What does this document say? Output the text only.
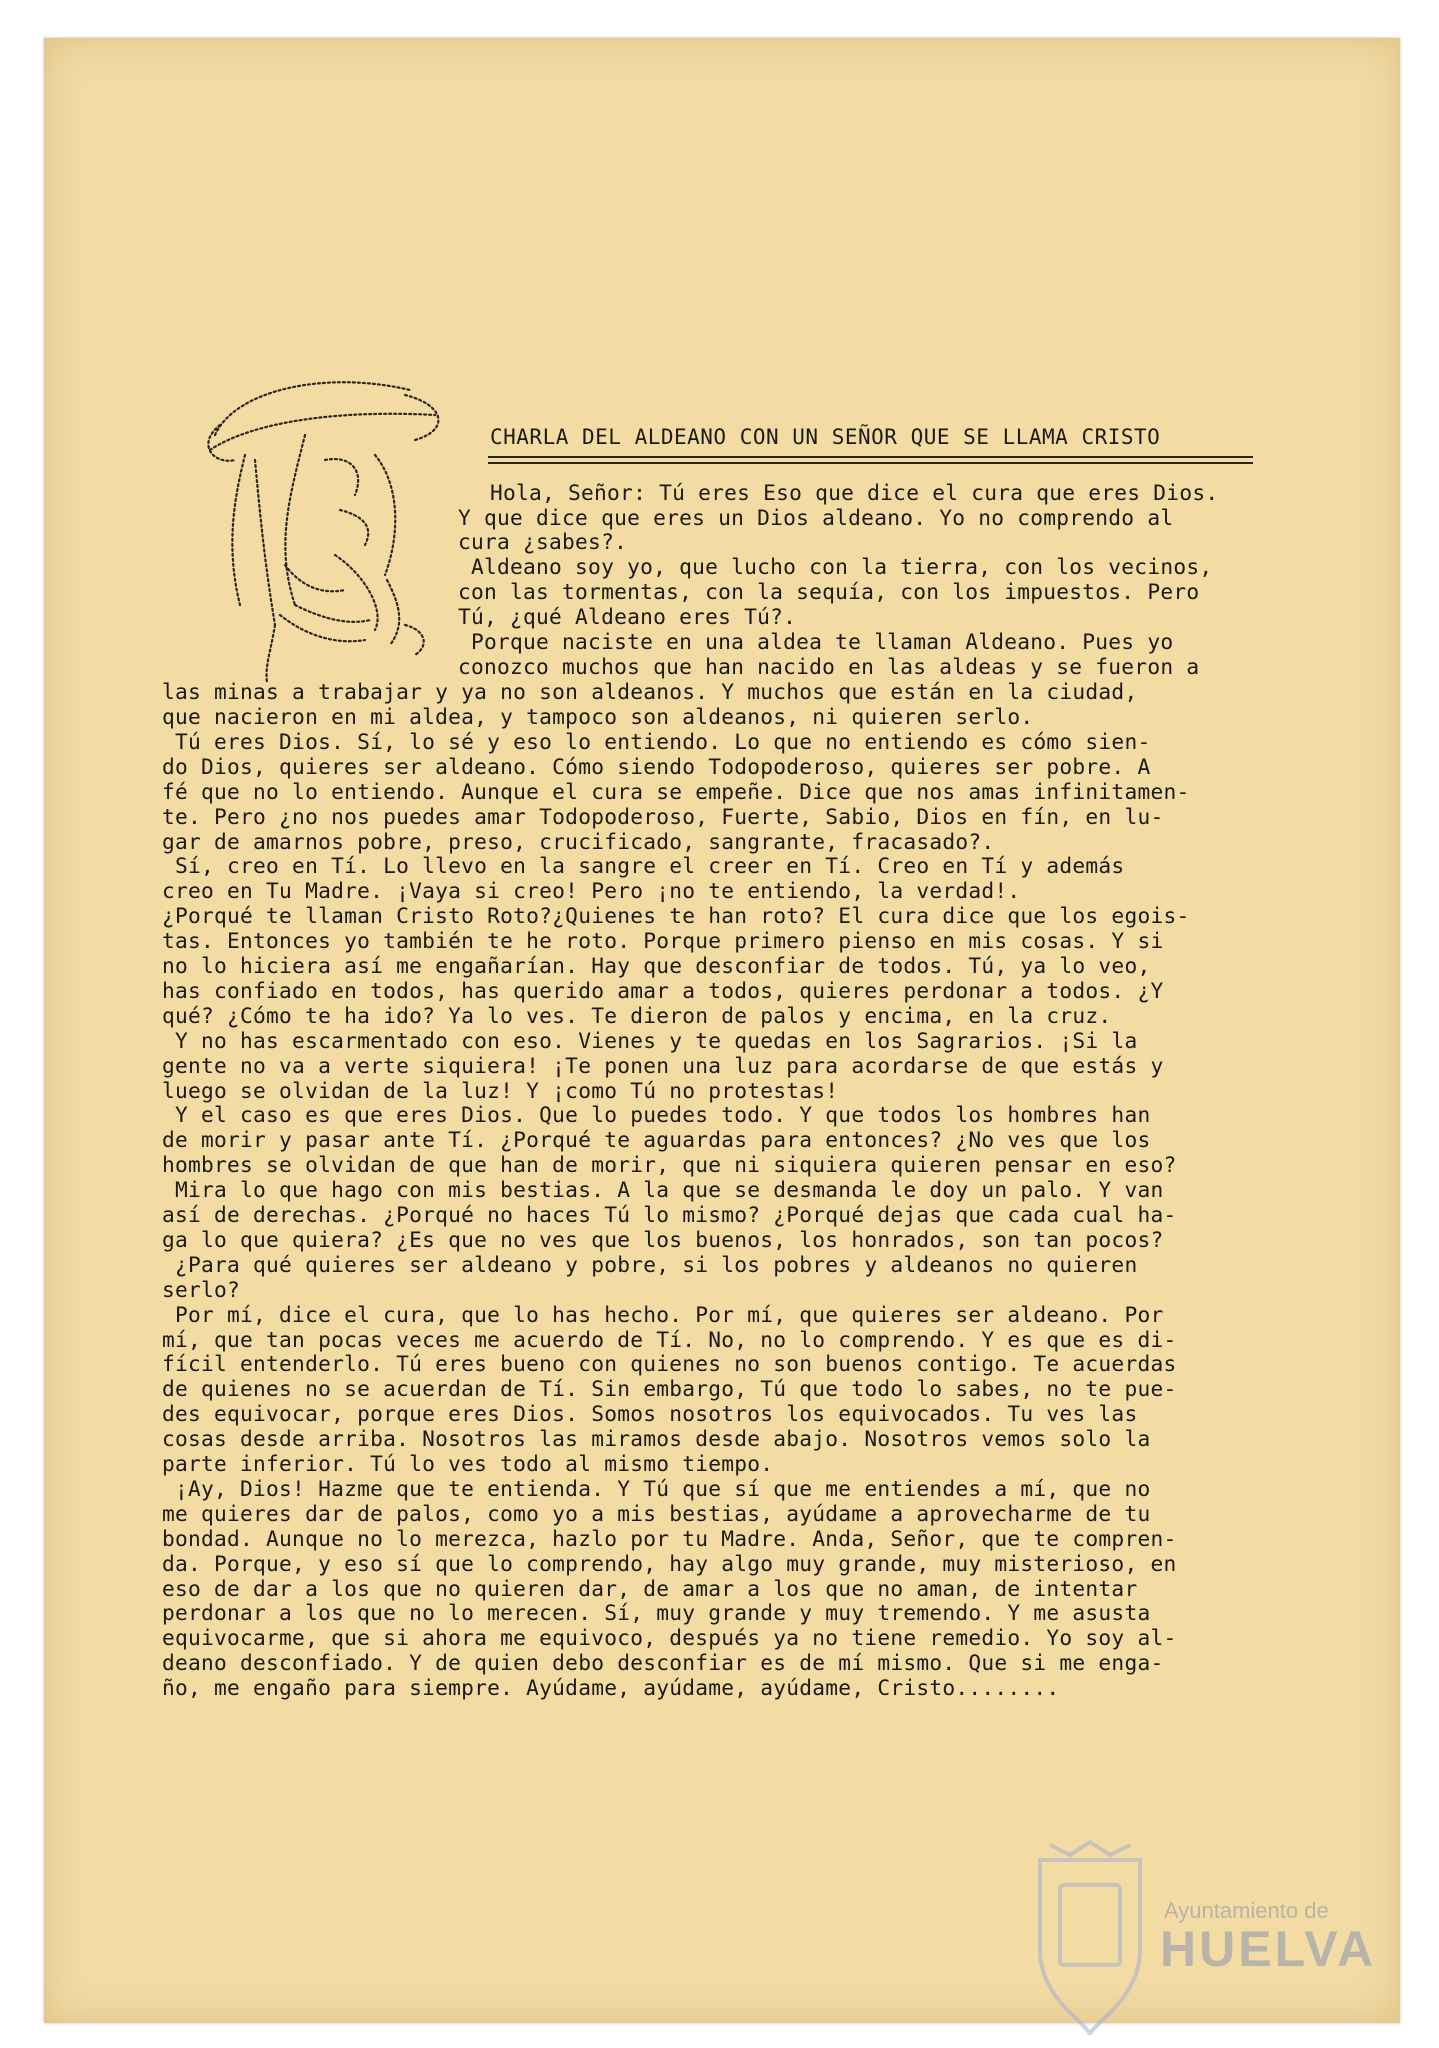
CHARLA DEL ALDEANO CON UN SEÑOR QUE SE LLAMA CRISTO
Hola, Señor: Tú eres Eso que dice el cura que eres Dios.
Y que dice que eres un Dios aldeano. Yo no comprendo al
cura ¿sabes?.
Aldeano soy yo, que lucho con la tierra, con los vecinos,
con las tormentas, con la sequía, con los impuestos. Pero
Tú, ¿qué Aldeano eres Tú?.
Porque naciste en una aldea te llaman Aldeano. Pues yo
conozco muchos que han nacido en las aldeas y se fueron a
las minas a trabajar y ya no son aldeanos. Y muchos que están en la ciudad,
que nacieron en mi aldea, y tampoco son aldeanos, ni quieren serlo.
Tú eres Dios. Sí, lo sé y eso lo entiendo. Lo que no entiendo es cómo sien-
do Dios, quieres ser aldeano. Cómo siendo Todopoderoso, quieres ser pobre. A
fé que no lo entiendo. Aunque el cura se empeñe. Dice que nos amas infinitamen-
te. Pero ¿no nos puedes amar Todopoderoso, Fuerte, Sabio, Dios en fín, en lu-
gar de amarnos pobre, preso, crucificado, sangrante, fracasado?.
Sí, creo en Tí. Lo llevo en la sangre el creer en Tí. Creo en Tí y además
creo en Tu Madre. ¡Vaya si creo! Pero ¡no te entiendo, la verdad!.
¿Porqué te llaman Cristo Roto?¿Quienes te han roto? El cura dice que los egois-
tas. Entonces yo también te he roto. Porque primero pienso en mis cosas. Y si
no lo hiciera así me engañarían. Hay que desconfiar de todos. Tú, ya lo veo,
has confiado en todos, has querido amar a todos, quieres perdonar a todos. ¿Y
qué? ¿Cómo te ha ido? Ya lo ves. Te dieron de palos y encima, en la cruz.
Y no has escarmentado con eso. Vienes y te quedas en los Sagrarios. ¡Si la
gente no va a verte siquiera! ¡Te ponen una luz para acordarse de que estás y
luego se olvidan de la luz! Y ¡como Tú no protestas!
Y el caso es que eres Dios. Que lo puedes todo. Y que todos los hombres han
de morir y pasar ante Tí. ¿Porqué te aguardas para entonces? ¿No ves que los
hombres se olvidan de que han de morir, que ni siquiera quieren pensar en eso?
Mira lo que hago con mis bestias. A la que se desmanda le doy un palo. Y van
así de derechas. ¿Porqué no haces Tú lo mismo? ¿Porqué dejas que cada cual ha-
ga lo que quiera? ¿Es que no ves que los buenos, los honrados, son tan pocos?
¿Para qué quieres ser aldeano y pobre, si los pobres y aldeanos no quieren
serlo?
Por mí, dice el cura, que lo has hecho. Por mí, que quieres ser aldeano. Por
mí, que tan pocas veces me acuerdo de Tí. No, no lo comprendo. Y es que es di-
fícil entenderlo. Tú eres bueno con quienes no son buenos contigo. Te acuerdas
de quienes no se acuerdan de Tí. Sin embargo, Tú que todo lo sabes, no te pue-
des equivocar, porque eres Dios. Somos nosotros los equivocados. Tu ves las
cosas desde arriba. Nosotros las miramos desde abajo. Nosotros vemos solo la
parte inferior. Tú lo ves todo al mismo tiempo.
¡Ay, Dios! Hazme que te entienda. Y Tú que sí que me entiendes a mí, que no
me quieres dar de palos, como yo a mis bestias, ayúdame a aprovecharme de tu
bondad. Aunque no lo merezca, hazlo por tu Madre. Anda, Señor, que te compren-
da. Porque, y eso sí que lo comprendo, hay algo muy grande, muy misterioso, en
eso de dar a los que no quieren dar, de amar a los que no aman, de intentar
perdonar a los que no lo merecen. Sí, muy grande y muy tremendo. Y me asusta
equivocarme, que si ahora me equivoco, después ya no tiene remedio. Yo soy al-
deano desconfiado. Y de quien debo desconfiar es de mí mismo. Que si me enga-
ño, me engaño para siempre. Ayúdame, ayúdame, ayúdame, Cristo........
Ayuntamiento de
HUELVA
